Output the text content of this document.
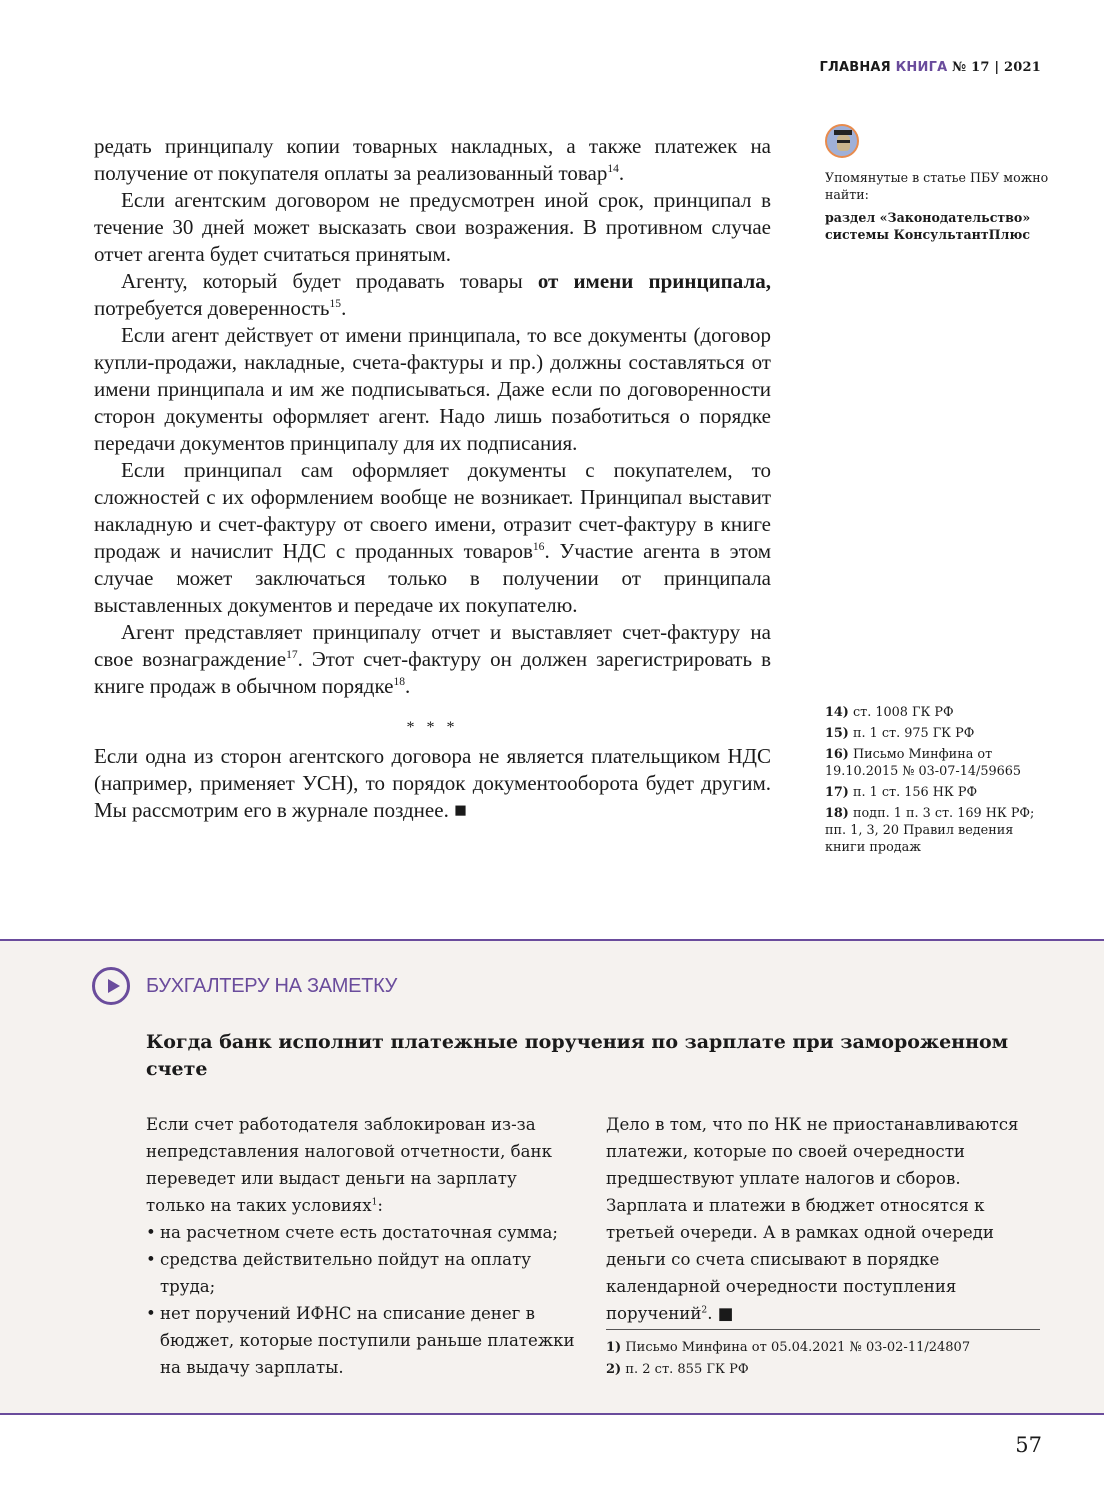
ГЛАВНАЯ КНИГА № 17 | 2021

редать принципалу копии товарных накладных, а также платежек на получение от покупателя оплаты за реализованный товар$^{14}$.

Если агентским договором не предусмотрен иной срок, принципал в течение 30 дней может высказать свои возражения. В противном случае отчет агента будет считаться принятым.

Агенту, который будет продавать товары от имени принципала, потребуется доверенность$^{15}$.

Если агент действует от имени принципала, то все документы (договор купли-продажи, накладные, счета-фактуры и пр.) должны составляться от имени принципала и им же подписываться. Даже если по договоренности сторон документы оформляет агент. Надо лишь позаботиться о порядке передачи документов принципалу для их подписания.

Если принципал сам оформляет документы с покупателем, то сложностей с их оформлением вообще не возникает. Принципал выставит накладную и счет-фактуру от своего имени, отразит счет-фактуру в книге продаж и начислит НДС с проданных товаров$^{16}$. Участие агента в этом случае может заключаться только в получении от принципала выставленных документов и передаче их покупателю.

Агент представляет принципалу отчет и выставляет счет-фактуру на свое вознаграждение$^{17}$. Этот счет-фактуру он должен зарегистрировать в книге продаж в обычном порядке$^{18}$.

* * *

Если одна из сторон агентского договора не является плательщиком НДС (например, применяет УСН), то порядок документооборота будет другим. Мы рассмотрим его в журнале позднее. ■

Упомянутые в статье ПБУ можно найти:
раздел «Законодательство» системы КонсультантПлюс
14) ст. 1008 ГК РФ
15) п. 1 ст. 975 ГК РФ
16) Письмо Минфина от 19.10.2015 № 03-07-14/59665
17) п. 1 ст. 156 НК РФ
18) подп. 1 п. 3 ст. 169 НК РФ; пп. 1, 3, 20 Правил ведения книги продаж
БУХГАЛТЕРУ НА ЗАМЕТКУ
Когда банк исполнит платежные поручения по зарплате при замороженном счете
Если счет работодателя заблокирован из-за непредставления налоговой отчетности, банк переведет или выдаст деньги на зарплату только на таких условиях$^1$:
• на расчетном счете есть достаточная сумма;
• средства действительно пойдут на оплату труда;
• нет поручений ИФНС на списание денег в бюджет, которые поступили раньше платежки на выдачу зарплаты.
Дело в том, что по НК не приостанавливаются платежи, которые по своей очередности предшествуют уплате налогов и сборов. Зарплата и платежи в бюджет относятся к третьей очереди. А в рамках одной очереди деньги со счета списывают в порядке календарной очередности поступления поручений$^2$. ■
1) Письмо Минфина от 05.04.2021 № 03-02-11/24807
2) п. 2 ст. 855 ГК РФ
57
